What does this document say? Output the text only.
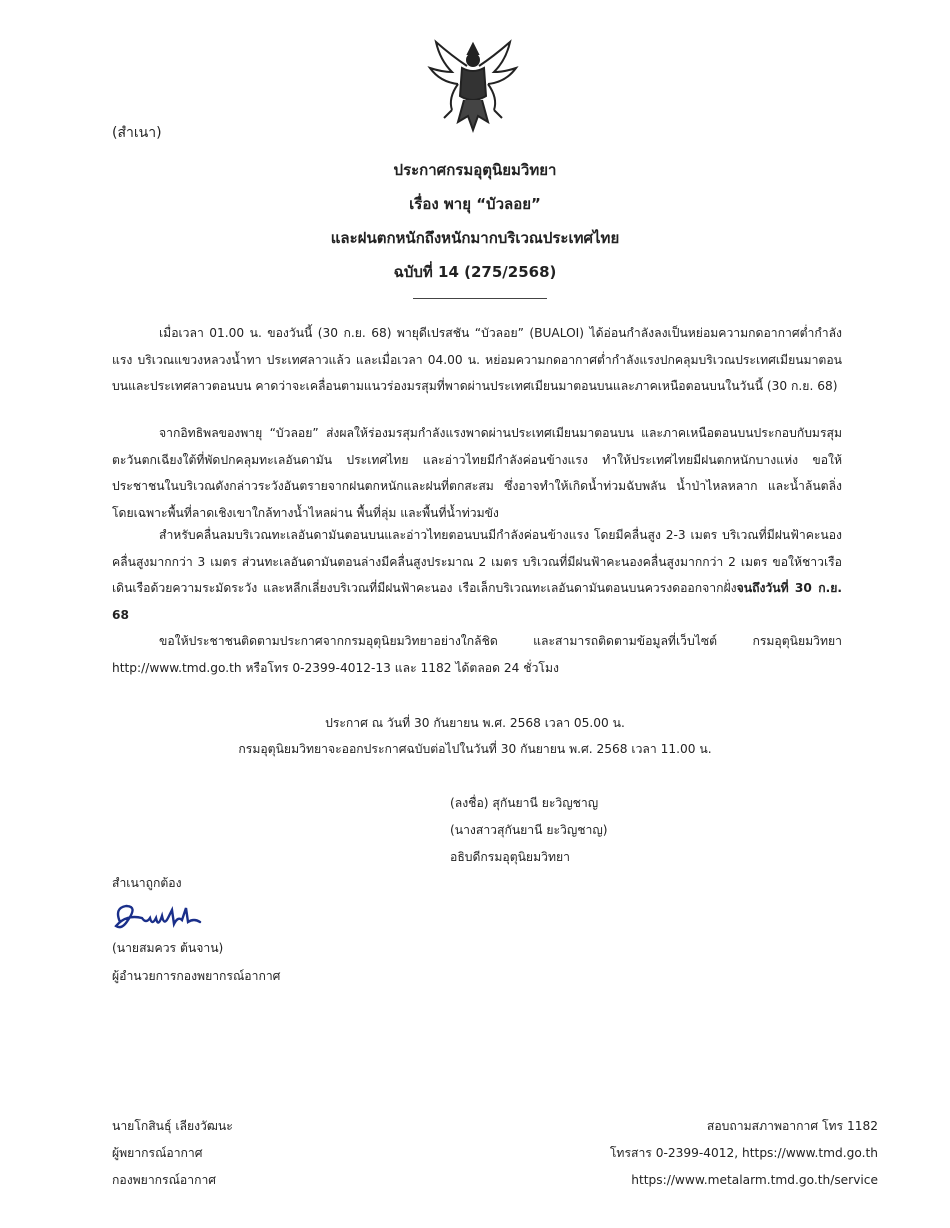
(สำเนา)
ประกาศกรมอุตุนิยมวิทยา
เรื่อง พายุ “บัวลอย”
และฝนตกหนักถึงหนักมากบริเวณประเทศไทย
ฉบับที่ 14 (275/2568)

เมื่อเวลา 01.00 น. ของวันนี้ (30 ก.ย. 68) พายุดีเปรสชัน “บัวลอย” (BUALOI) ได้อ่อนกำลังลงเป็นหย่อมความกดอากาศต่ำกำลังแรง บริเวณแขวงหลวงน้ำทา ประเทศลาวแล้ว และเมื่อเวลา 04.00 น. หย่อมความกดอากาศต่ำกำลังแรงปกคลุมบริเวณประเทศเมียนมาตอนบนและประเทศลาวตอนบน คาดว่าจะเคลื่อนตามแนวร่องมรสุมที่พาดผ่านประเทศเมียนมาตอนบนและภาคเหนือตอนบนในวันนี้ (30 ก.ย. 68)

จากอิทธิพลของพายุ “บัวลอย” ส่งผลให้ร่องมรสุมกำลังแรงพาดผ่านประเทศเมียนมาตอนบน และภาคเหนือตอนบนประกอบกับมรสุมตะวันตกเฉียงใต้ที่พัดปกคลุมทะเลอันดามัน ประเทศไทย และอ่าวไทยมีกำลังค่อนข้างแรง ทำให้ประเทศไทยมีฝนตกหนักบางแห่ง ขอให้ประชาชนในบริเวณดังกล่าวระวังอันตรายจากฝนตกหนักและฝนที่ตกสะสม ซึ่งอาจทำให้เกิดน้ำท่วมฉับพลัน น้ำป่าไหลหลาก และน้ำล้นตลิ่ง โดยเฉพาะพื้นที่ลาดเชิงเขาใกล้ทางน้ำไหลผ่าน พื้นที่ลุ่ม และพื้นที่น้ำท่วมขัง

สำหรับคลื่นลมบริเวณทะเลอันดามันตอนบนและอ่าวไทยตอนบนมีกำลังค่อนข้างแรง โดยมีคลื่นสูง 2-3 เมตร บริเวณที่มีฝนฟ้าคะนองคลื่นสูงมากกว่า 3 เมตร ส่วนทะเลอันดามันตอนล่างมีคลื่นสูงประมาณ 2 เมตร บริเวณที่มีฝนฟ้าคะนองคลื่นสูงมากกว่า 2 เมตร ขอให้ชาวเรือเดินเรือด้วยความระมัดระวัง และหลีกเลี่ยงบริเวณที่มีฝนฟ้าคะนอง เรือเล็กบริเวณทะเลอันดามันตอนบนควรงดออกจากฝั่งจนถึงวันที่ 30 ก.ย. 68

ขอให้ประชาชนติดตามประกาศจากกรมอุตุนิยมวิทยาอย่างใกล้ชิด และสามารถติดตามข้อมูลที่เว็บไซต์ กรมอุตุนิยมวิทยา http://www.tmd.go.th หรือโทร 0-2399-4012-13 และ 1182 ได้ตลอด 24 ชั่วโมง

ประกาศ ณ วันที่ 30 กันยายน พ.ศ. 2568 เวลา 05.00 น.
กรมอุตุนิยมวิทยาจะออกประกาศฉบับต่อไปในวันที่ 30 กันยายน พ.ศ. 2568 เวลา 11.00 น.
(ลงชื่อ) สุกันยานี ยะวิญชาญ
(นางสาวสุกันยานี ยะวิญชาญ)
อธิบดีกรมอุตุนิยมวิทยา
สำเนาถูกต้อง
(นายสมควร ต้นจาน)
ผู้อำนวยการกองพยากรณ์อากาศ
นายโกสินธุ์ เลียงวัฒนะ
ผู้พยากรณ์อากาศ
กองพยากรณ์อากาศ
สอบถามสภาพอากาศ โทร 1182
โทรสาร 0-2399-4012, https://www.tmd.go.th
https://www.metalarm.tmd.go.th/service
